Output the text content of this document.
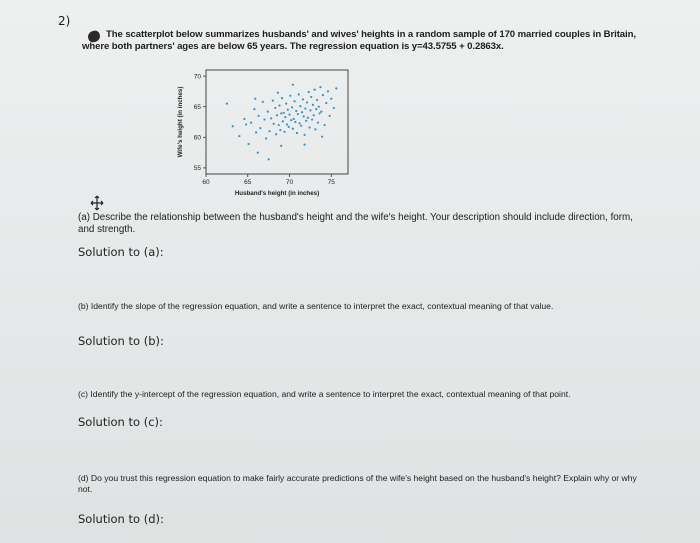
2)
The scatterplot below summarizes husbands' and wives' heights in a random sample of 170 married couples in Britain, where both partners' ages are below 65 years. The regression equation is y=43.5755 + 0.2863x.
Wife's height (in inches)
Husband's height (in inches)
60	65	70	75
55
60
65
70
(a) Describe the relationship between the husband's height and the wife's height. Your description should include direction, form, and strength.
Solution to (a):
(b) Identify the slope of the regression equation, and write a sentence to interpret the exact, contextual meaning of that value.
Solution to (b):
(c) Identify the y-intercept of the regression equation, and write a sentence to interpret the exact, contextual meaning of that point.
Solution to (c):
(d) Do you trust this regression equation to make fairly accurate predictions of the wife's height based on the husband's height? Explain why or why not.
Solution to (d):
